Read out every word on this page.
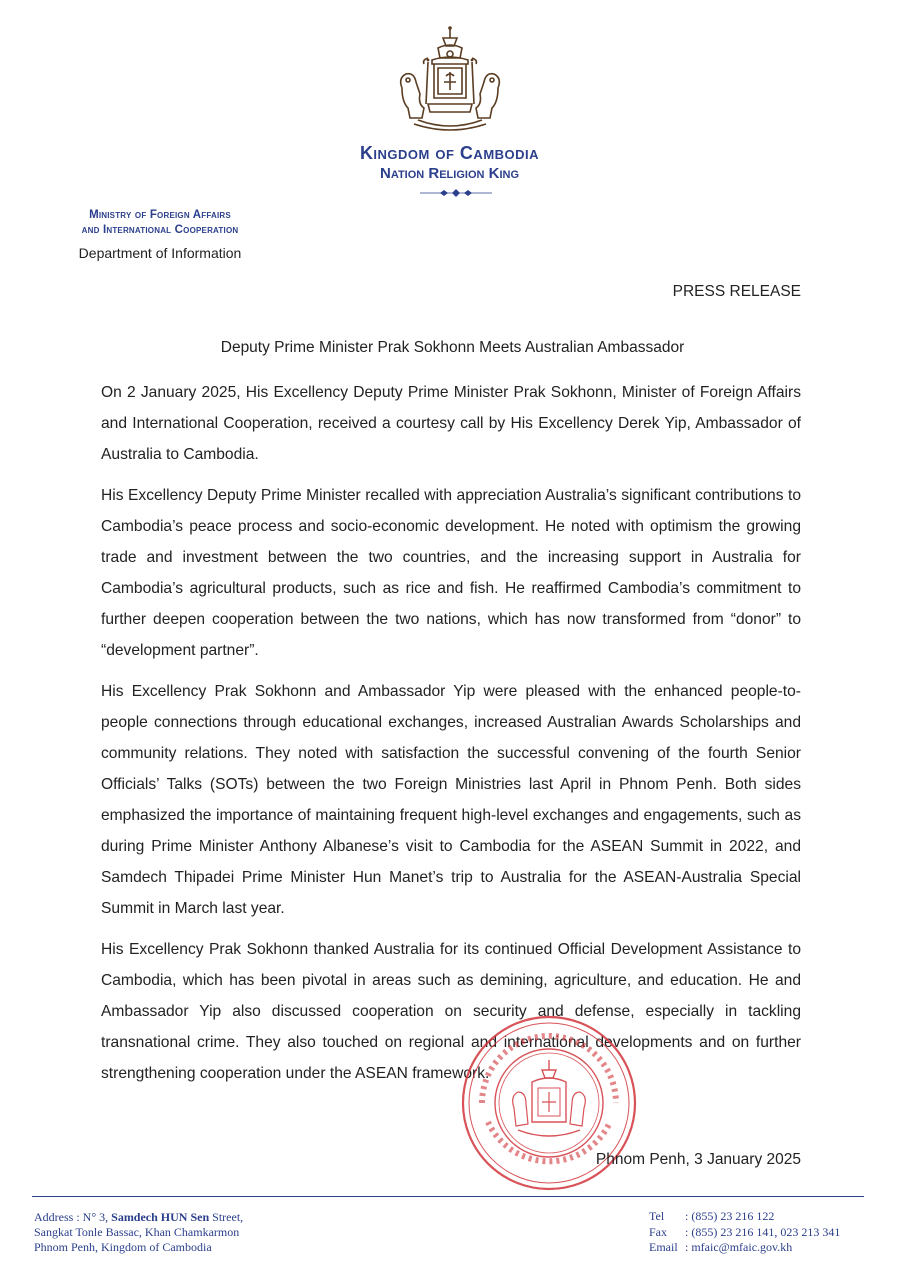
Kingdom of Cambodia
Nation Religion King
Ministry of Foreign Affairs
and International Cooperation
Department of Information
PRESS RELEASE
Deputy Prime Minister Prak Sokhonn Meets Australian Ambassador

On 2 January 2025, His Excellency Deputy Prime Minister Prak Sokhonn, Minister of Foreign Affairs and International Cooperation, received a courtesy call by His Excellency Derek Yip, Ambassador of Australia to Cambodia.

His Excellency Deputy Prime Minister recalled with appreciation Australia’s significant contributions to Cambodia’s peace process and socio-economic development. He noted with optimism the growing trade and investment between the two countries, and the increasing support in Australia for Cambodia’s agricultural products, such as rice and fish. He reaffirmed Cambodia’s commitment to further deepen cooperation between the two nations, which has now transformed from “donor” to “development partner”.

His Excellency Prak Sokhonn and Ambassador Yip were pleased with the enhanced people-to-people connections through educational exchanges, increased Australian Awards Scholarships and community relations. They noted with satisfaction the successful convening of the fourth Senior Officials’ Talks (SOTs) between the two Foreign Ministries last April in Phnom Penh. Both sides emphasized the importance of maintaining frequent high-level exchanges and engagements, such as during Prime Minister Anthony Albanese’s visit to Cambodia for the ASEAN Summit in 2022, and Samdech Thipadei Prime Minister Hun Manet’s trip to Australia for the ASEAN-Australia Special Summit in March last year.

His Excellency Prak Sokhonn thanked Australia for its continued Official Development Assistance to Cambodia, which has been pivotal in areas such as demining, agriculture, and education. He and Ambassador Yip also discussed cooperation on security and defense, especially in tackling transnational crime. They also touched on regional and international developments and on further strengthening cooperation under the ASEAN framework.

Phnom Penh, 3 January 2025
Address : N° 3, Samdech HUN Sen Street,
Sangkat Tonle Bassac, Khan Chamkarmon
Phnom Penh, Kingdom of Cambodia
Tel : (855) 23 216 122
Fax : (855) 23 216 141, 023 213 341
Email : mfaic@mfaic.gov.kh
